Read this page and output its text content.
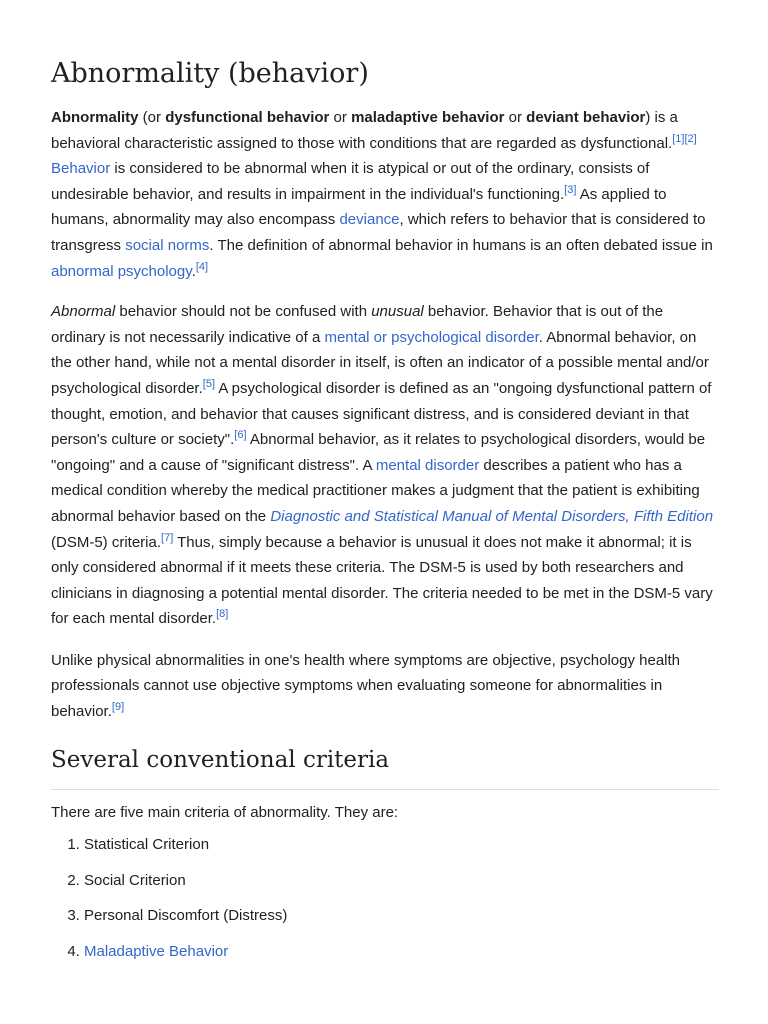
Abnormality (behavior)

Abnormality (or dysfunctional behavior or maladaptive behavior or deviant behavior) is a behavioral characteristic assigned to those with conditions that are regarded as dysfunctional.[1][2]
Behavior is considered to be abnormal when it is atypical or out of the ordinary, consists of undesirable behavior, and results in impairment in the individual's functioning.[3] As applied to humans, abnormality may also encompass deviance, which refers to behavior that is considered to transgress social norms. The definition of abnormal behavior in humans is an often debated issue in abnormal psychology.[4]

Abnormal behavior should not be confused with unusual behavior. Behavior that is out of the ordinary is not necessarily indicative of a mental or psychological disorder. Abnormal behavior, on the other hand, while not a mental disorder in itself, is often an indicator of a possible mental and/or psychological disorder.[5] A psychological disorder is defined as an "ongoing dysfunctional pattern of thought, emotion, and behavior that causes significant distress, and is considered deviant in that person's culture or society".[6] Abnormal behavior, as it relates to psychological disorders, would be "ongoing" and a cause of "significant distress". A mental disorder describes a patient who has a medical condition whereby the medical practitioner makes a judgment that the patient is exhibiting abnormal behavior based on the Diagnostic and Statistical Manual of Mental Disorders, Fifth Edition (DSM-5) criteria.[7] Thus, simply because a behavior is unusual it does not make it abnormal; it is only considered abnormal if it meets these criteria. The DSM-5 is used by both researchers and clinicians in diagnosing a potential mental disorder. The criteria needed to be met in the DSM-5 vary for each mental disorder.[8]

Unlike physical abnormalities in one's health where symptoms are objective, psychology health professionals cannot use objective symptoms when evaluating someone for abnormalities in behavior.[9]

Several conventional criteria

There are five main criteria of abnormality. They are:

1. Statistical Criterion
2. Social Criterion
3. Personal Discomfort (Distress)
4. Maladaptive Behavior
